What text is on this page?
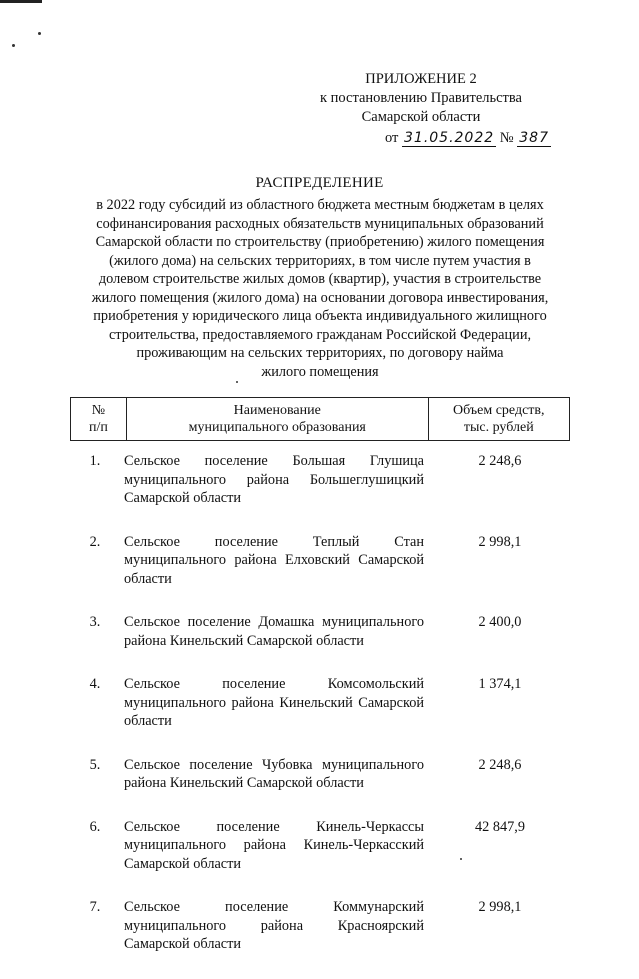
ПРИЛОЖЕНИЕ 2
к постановлению Правительства
Самарской области
от 31.05.2022 № 387
РАСПРЕДЕЛЕНИЕ
в 2022 году субсидий из областного бюджета местным бюджетам в целях
софинансирования расходных обязательств муниципальных образований
Самарской области по строительству (приобретению) жилого помещения
(жилого дома) на сельских территориях, в том числе путем участия в
долевом строительстве жилых домов (квартир), участия в строительстве
жилого помещения (жилого дома) на основании договора инвестирования,
приобретения у юридического лица объекта индивидуального жилищного
строительства, предоставляемого гражданам Российской Федерации,
проживающим на сельских территориях, по договору найма
жилого помещения
№
п/п

Наименование
муниципального образования

Объем средств,
тыс. рублей
1.	Сельское поселение Большая Глушица муниципального района Большеглушицкий Самарской области
2 248,6
2.	Сельское поселение Теплый Стан муниципального района Елховский Самарской области
2 998,1
3.	Сельское поселение Домашка муниципального района Кинельский Самарской области
2 400,0
4.	Сельское поселение Комсомольский муниципального района Кинельский Самарской области
1 374,1
5.	Сельское поселение Чубовка муниципального района Кинельский Самарской области
2 248,6
6.	Сельское поселение Кинель-Черкассы муниципального района Кинель-Черкасский Самарской области
42 847,9
7.	Сельское поселение Коммунарский муниципального района Красноярский Самарской области
2 998,1
